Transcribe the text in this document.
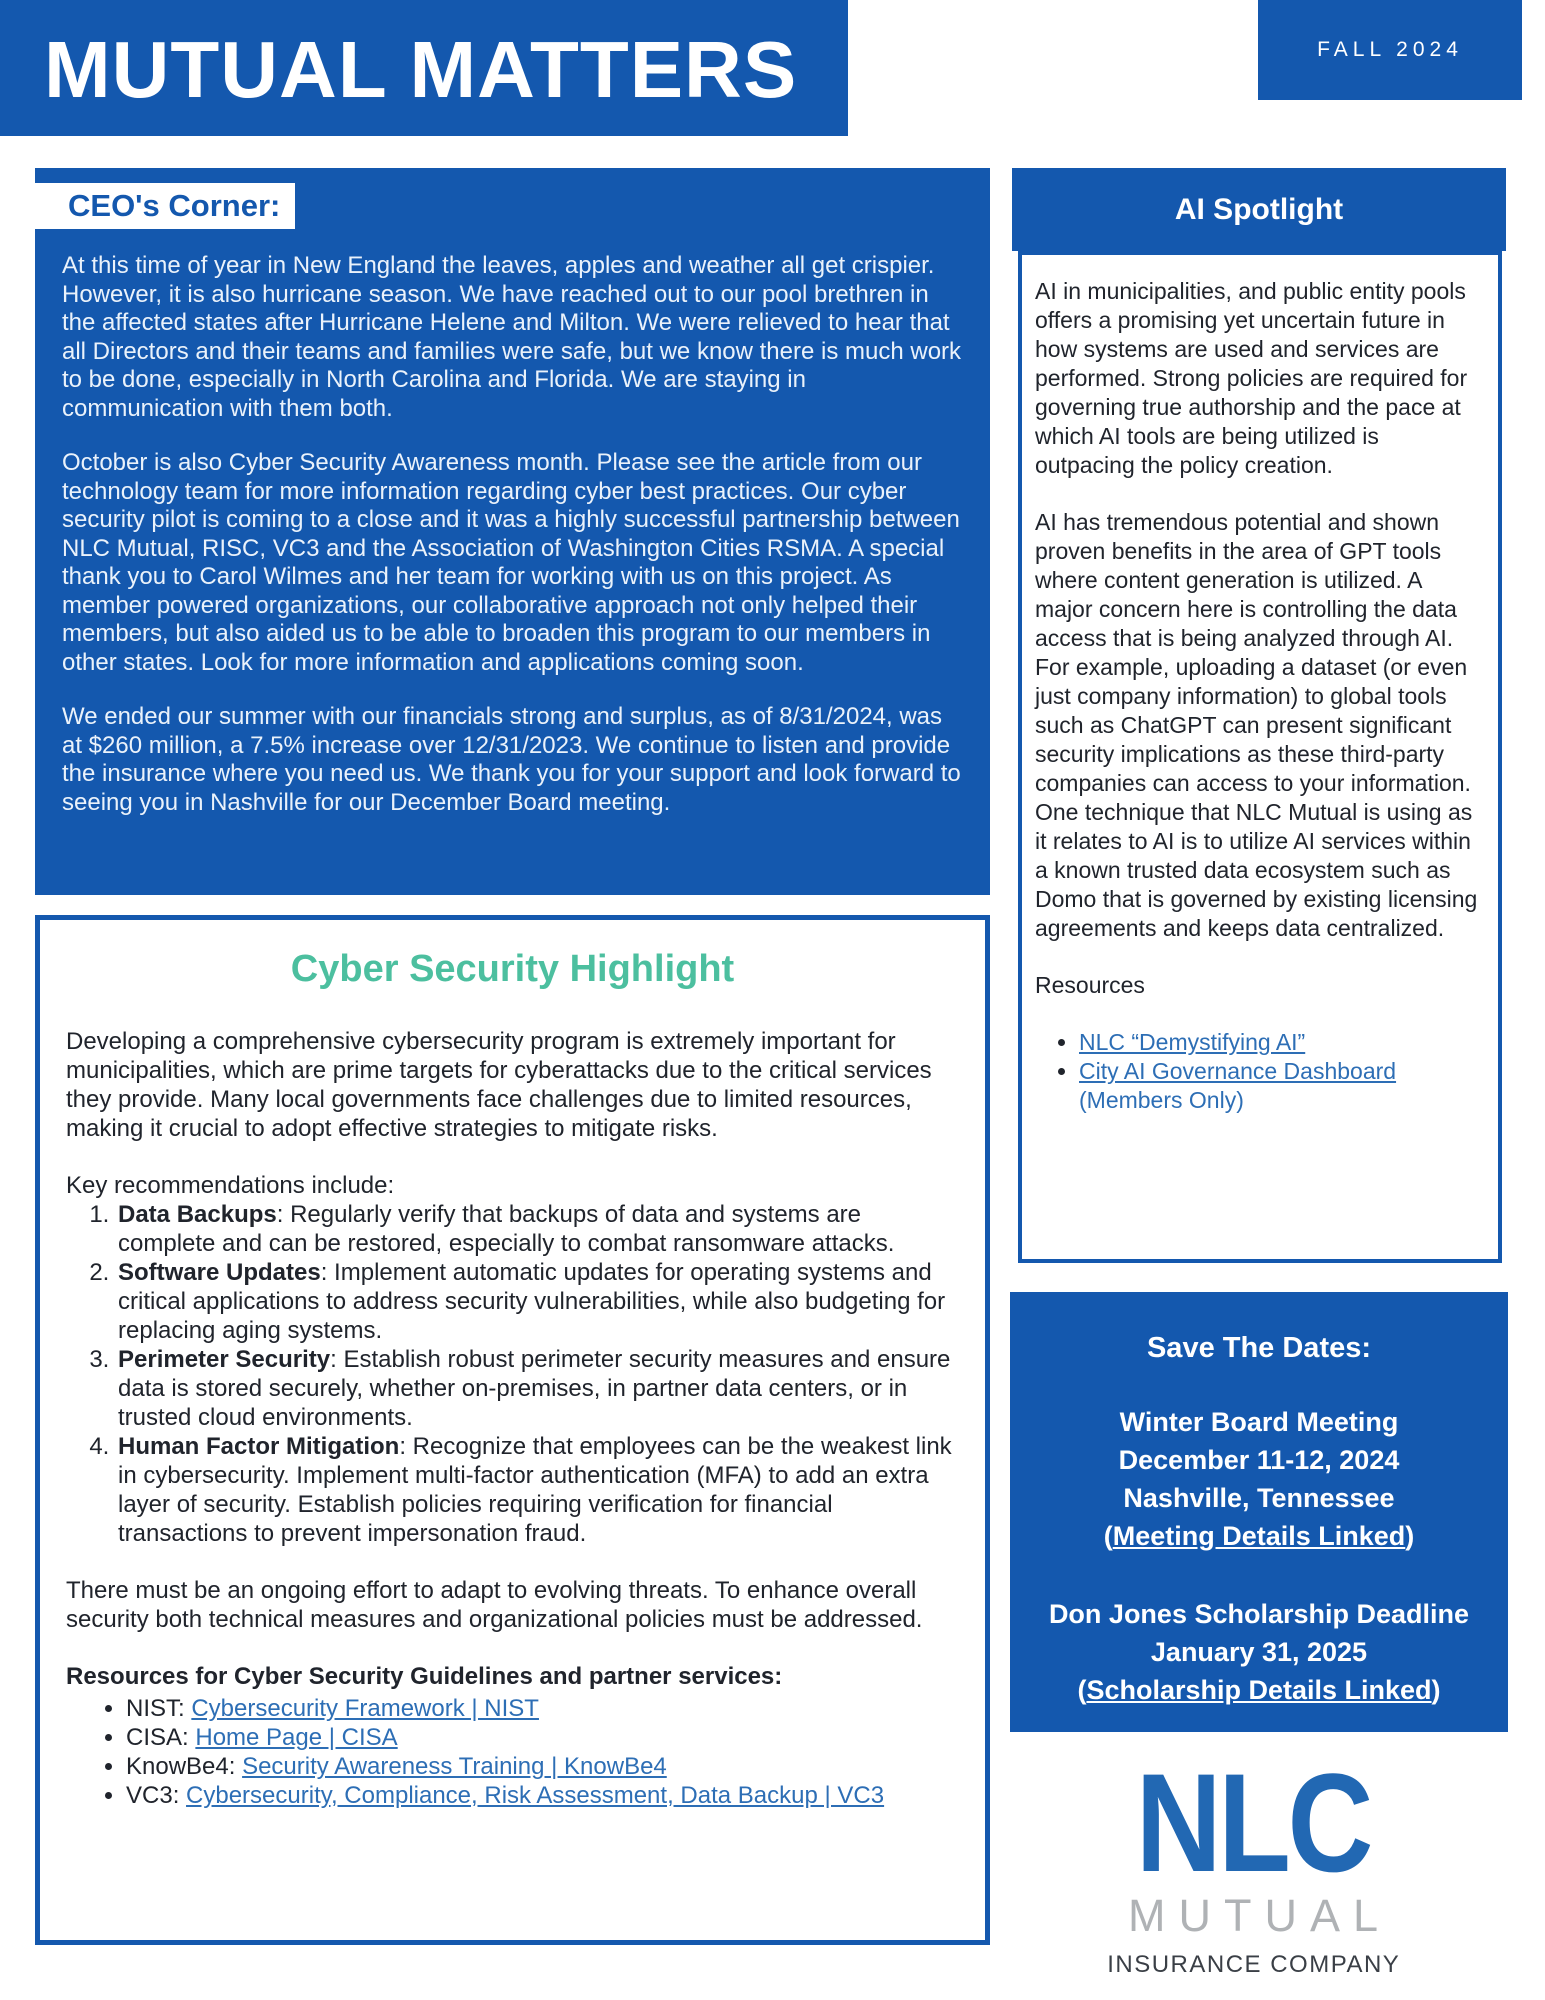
MUTUAL MATTERS	FALL 2024
CEO's Corner:

At this time of year in New England the leaves, apples and weather all get crispier. However, it is also hurricane season. We have reached out to our pool brethren in the affected states after Hurricane Helene and Milton. We were relieved to hear that all Directors and their teams and families were safe, but we know there is much work to be done, especially in North Carolina and Florida. We are staying in communication with them both.

October is also Cyber Security Awareness month. Please see the article from our technology team for more information regarding cyber best practices. Our cyber security pilot is coming to a close and it was a highly successful partnership between NLC Mutual, RISC, VC3 and the Association of Washington Cities RSMA. A special thank you to Carol Wilmes and her team for working with us on this project. As member powered organizations, our collaborative approach not only helped their members, but also aided us to be able to broaden this program to our members in other states. Look for more information and applications coming soon.

We ended our summer with our financials strong and surplus, as of 8/31/2024, was at $260 million, a 7.5% increase over 12/31/2023. We continue to listen and provide the insurance where you need us. We thank you for your support and look forward to seeing you in Nashville for our December Board meeting.

Cyber Security Highlight

Developing a comprehensive cybersecurity program is extremely important for municipalities, which are prime targets for cyberattacks due to the critical services they provide. Many local governments face challenges due to limited resources, making it crucial to adopt effective strategies to mitigate risks.

Key recommendations include:
1. Data Backups: Regularly verify that backups of data and systems are complete and can be restored, especially to combat ransomware attacks.
2. Software Updates: Implement automatic updates for operating systems and critical applications to address security vulnerabilities, while also budgeting for replacing aging systems.
3. Perimeter Security: Establish robust perimeter security measures and ensure data is stored securely, whether on-premises, in partner data centers, or in trusted cloud environments.
4. Human Factor Mitigation: Recognize that employees can be the weakest link in cybersecurity. Implement multi-factor authentication (MFA) to add an extra layer of security. Establish policies requiring verification for financial transactions to prevent impersonation fraud.

There must be an ongoing effort to adapt to evolving threats. To enhance overall security both technical measures and organizational policies must be addressed.

Resources for Cyber Security Guidelines and partner services:
• NIST: Cybersecurity Framework | NIST
• CISA: Home Page | CISA
• KnowBe4: Security Awareness Training | KnowBe4
• VC3: Cybersecurity, Compliance, Risk Assessment, Data Backup | VC3
AI Spotlight

AI in municipalities, and public entity pools offers a promising yet uncertain future in how systems are used and services are performed. Strong policies are required for governing true authorship and the pace at which AI tools are being utilized is outpacing the policy creation.

AI has tremendous potential and shown proven benefits in the area of GPT tools where content generation is utilized. A major concern here is controlling the data access that is being analyzed through AI. For example, uploading a dataset (or even just company information) to global tools such as ChatGPT can present significant security implications as these third-party companies can access to your information. One technique that NLC Mutual is using as it relates to AI is to utilize AI services within a known trusted data ecosystem such as Domo that is governed by existing licensing agreements and keeps data centralized.

Resources
• NLC “Demystifying AI”
• City AI Governance Dashboard (Members Only)
Save The Dates:
Winter Board Meeting
December 11-12, 2024
Nashville, Tennessee
(Meeting Details Linked)
Don Jones Scholarship Deadline
January 31, 2025
(Scholarship Details Linked)
NLC
MUTUAL
INSURANCE COMPANY
